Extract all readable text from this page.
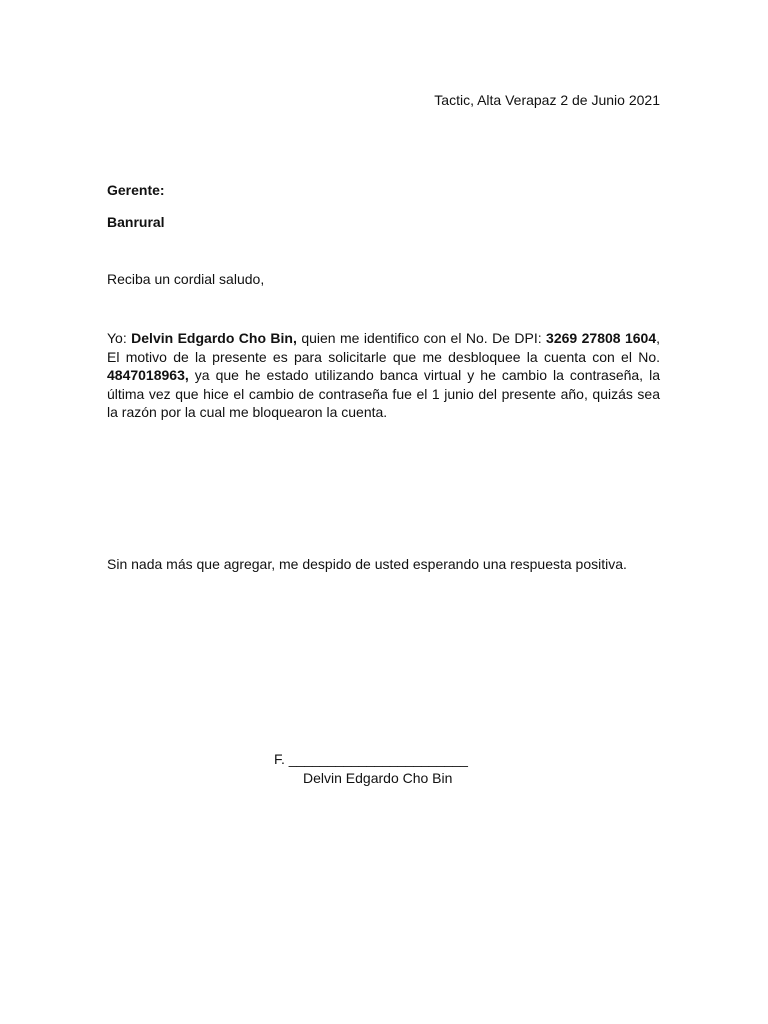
Tactic, Alta Verapaz 2 de Junio 2021
Gerente:
Banrural
Reciba un cordial saludo,
Yo: Delvin Edgardo Cho Bin, quien me identifico con el No. De DPI: 3269 27808 1604, El motivo de la presente es para solicitarle que me desbloquee la cuenta con el No. 4847018963, ya que he estado utilizando banca virtual y he cambio la contraseña, la última vez que hice el cambio de contraseña fue el 1 junio del presente año, quizás sea la razón por la cual me bloquearon la cuenta.
Sin nada más que agregar, me despido de usted esperando una respuesta positiva.
F. _______________________
Delvin Edgardo Cho Bin
